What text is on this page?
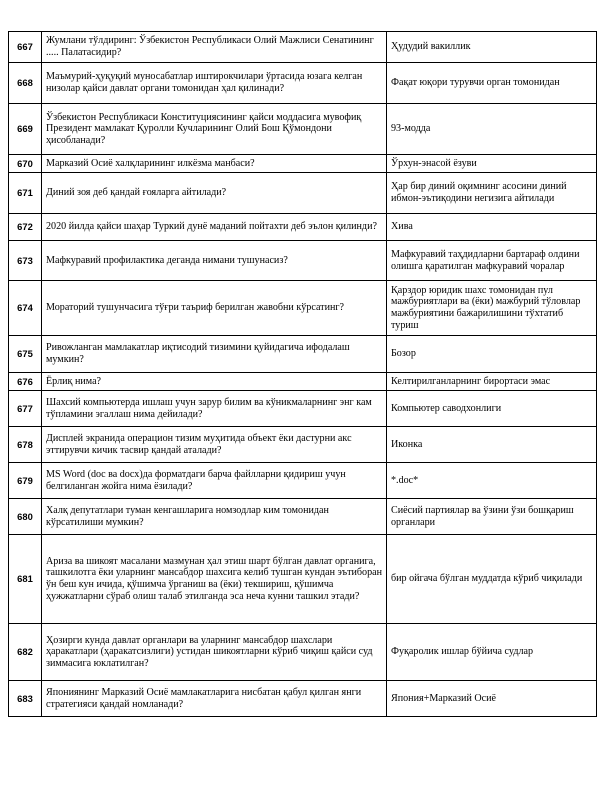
667	Жумлани тўлдиринг: Ўзбекистон Республикаси Олий Мажлиси Сенатининг ..... Палатасидир?	Ҳудудий вакиллик
668	Маъмурий-ҳуқуқий муносабатлар иштирокчилари ўртасида юзага келган низолар қайси давлат органи томонидан ҳал қилинади?	Фақат юқори турувчи орган томонидан
669	Ўзбекистон Республикаси Конституциясининг қайси моддасига мувофиқ Президент мамлакат Қуролли Кучларининг Олий Бош Қўмондони ҳисобланади?	93-модда
670	Марказий Осиё халқларининг илкёзма манбаси?	Ўрхун-энасой ёзуви
671	Диний зоя деб қандай ғояларга айтилади?	Ҳар бир диний оқимнинг асосини диний ибмон-эътиқодини негизига айтилади
672	2020 йилда қайси шаҳар Туркий дунё маданий пойтахти деб эълон қилинди?	Хива
673	Мафкуравий профилактика деганда нимани тушунасиз?	Мафкуравий таҳдидларни бартараф олдини олишга қаратилган мафкуравий чоралар
674	Мораторий тушунчасига тўғри таъриф берилган жавобни кўрсатинг?	Қарздор юридик шахс томонидан пул мажбуриятлари ва (ёки) мажбурий тўловлар мажбуриятини бажарилишини тўхтатиб туриш
675	Ривожланган мамлакатлар иқтисодий тизимини қуйидагича ифодалаш мумкин?	Бозор
676	Ёрлиқ нима?	Келтирилганларнинг бирортаси эмас
677	Шахсий компьютерда ишлаш учун зарур билим ва кўникмаларнинг энг кам тўпламини эгаллаш нима дейилади?	Компьютер саводхонлиги
678	Дисплей экранида операцион тизим муҳитида объект ёки дастурни акс эттирувчи кичик тасвир қандай аталади?	Иконка
679	MS Word (doc ва docx)да форматдаги барча файлларни қидириш учун белгиланган жойга нима ёзилади?	*.doc*
680	Халқ депутатлари туман кенгашларига номзодлар ким томонидан кўрсатилиши мумкин?	Сиёсий партиялар ва ўзини ўзи бошқариш органлари
681	Ариза ва шикоят масалани мазмунан ҳал этиш шарт бўлган давлат органига, ташкилотга ёки уларнинг мансабдор шахсига келиб тушган кундан эътиборан ўн беш кун ичида, қўшимча ўрганиш ва (ёки) текшириш, қўшимча ҳужжатларни сўраб олиш талаб этилганда эса неча кунни ташкил этади?	бир ойгача бўлган муддатда кўриб чиқилади
682	Ҳозирги кунда давлат органлари ва уларнинг мансабдор шахслари ҳаракатлари (ҳаракатсизлиги) устидан шикоятларни кўриб чиқиш қайси суд зиммасига юклатилган?	Фуқаролик ишлар бўйича судлар
683	Япониянинг Марказий Осиё мамлакатларига нисбатан қабул қилган янги стратегияси қандай номланади?	Япония+Марказий Осиё
